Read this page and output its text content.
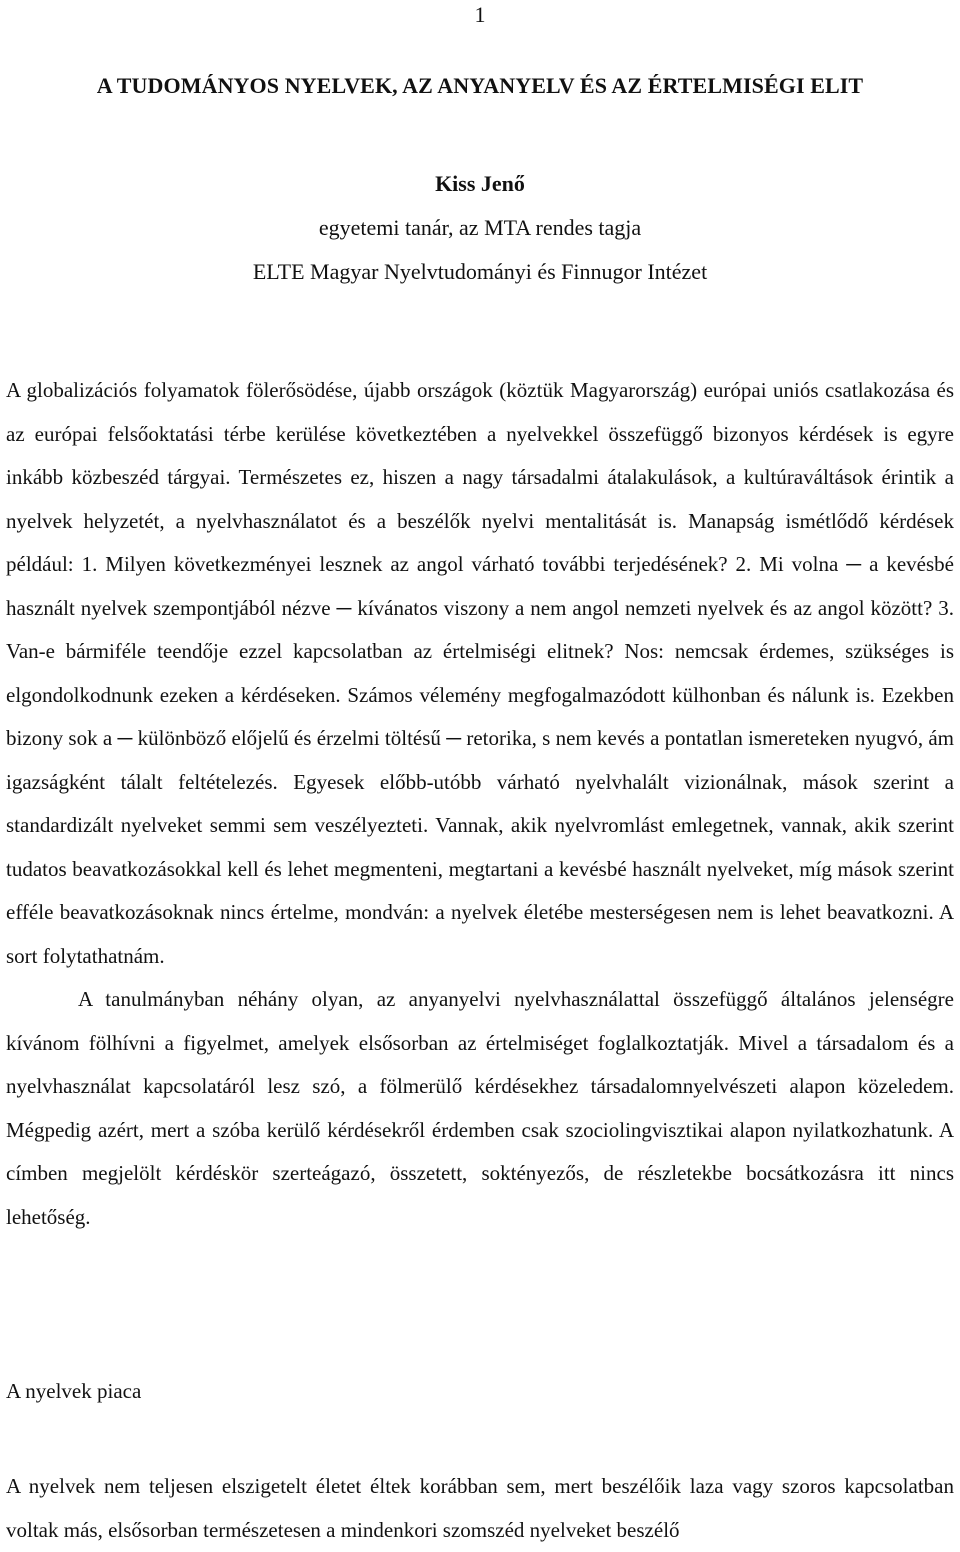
1
A TUDOMÁNYOS NYELVEK, AZ ANYANYELV ÉS AZ ÉRTELMISÉGI ELIT
Kiss Jenő
egyetemi tanár, az MTA rendes tagja
ELTE Magyar Nyelvtudományi és Finnugor Intézet

A globalizációs folyamatok fölerősödése, újabb országok (köztük Magyarország) európai uniós csatlakozása és az európai felsőoktatási térbe kerülése következtében a nyelvekkel összefüggő bizonyos kérdések is egyre inkább közbeszéd tárgyai. Természetes ez, hiszen a nagy társadalmi átalakulások, a kultúraváltások érintik a nyelvek helyzetét, a nyelvhasználatot és a beszélők nyelvi mentalitását is. Manapság ismétlődő kérdések például: 1. Milyen következményei lesznek az angol várható további terjedésének? 2. Mi volna ─ a kevésbé használt nyelvek szempontjából nézve ─ kívánatos viszony a nem angol nemzeti nyelvek és az angol között? 3. Van-e bármiféle teendője ezzel kapcsolatban az értelmiségi elitnek? Nos: nemcsak érdemes, szükséges is elgondolkodnunk ezeken a kérdéseken. Számos vélemény megfogalmazódott külhonban és nálunk is. Ezekben bizony sok a ─ különböző előjelű és érzelmi töltésű ─ retorika, s nem kevés a pontatlan ismereteken nyugvó, ám igazságként tálalt feltételezés. Egyesek előbb-utóbb várható nyelvhalált vizionálnak, mások szerint a standardizált nyelveket semmi sem veszélyezteti. Vannak, akik nyelvromlást emlegetnek, vannak, akik szerint tudatos beavatkozásokkal kell és lehet megmenteni, megtartani a kevésbé használt nyelveket, míg mások szerint efféle beavatkozásoknak nincs értelme, mondván: a nyelvek életébe mesterségesen nem is lehet beavatkozni. A sort folytathatnám.

A tanulmányban néhány olyan, az anyanyelvi nyelvhasználattal összefüggő általános jelenségre kívánom fölhívni a figyelmet, amelyek elsősorban az értelmiséget foglalkoztatják. Mivel a társadalom és a nyelvhasználat kapcsolatáról lesz szó, a fölmerülő kérdésekhez társadalomnyelvészeti alapon közeledem. Mégpedig azért, mert a szóba kerülő kérdésekről érdemben csak szociolingvisztikai alapon nyilatkozhatunk. A címben megjelölt kérdéskör szerteágazó, összetett, soktényezős, de részletekbe bocsátkozásra itt nincs lehetőség.

A nyelvek piaca

A nyelvek nem teljesen elszigetelt életet éltek korábban sem, mert beszélőik laza vagy szoros kapcsolatban voltak más, elsősorban természetesen a mindenkori szomszéd nyelveket beszélő
